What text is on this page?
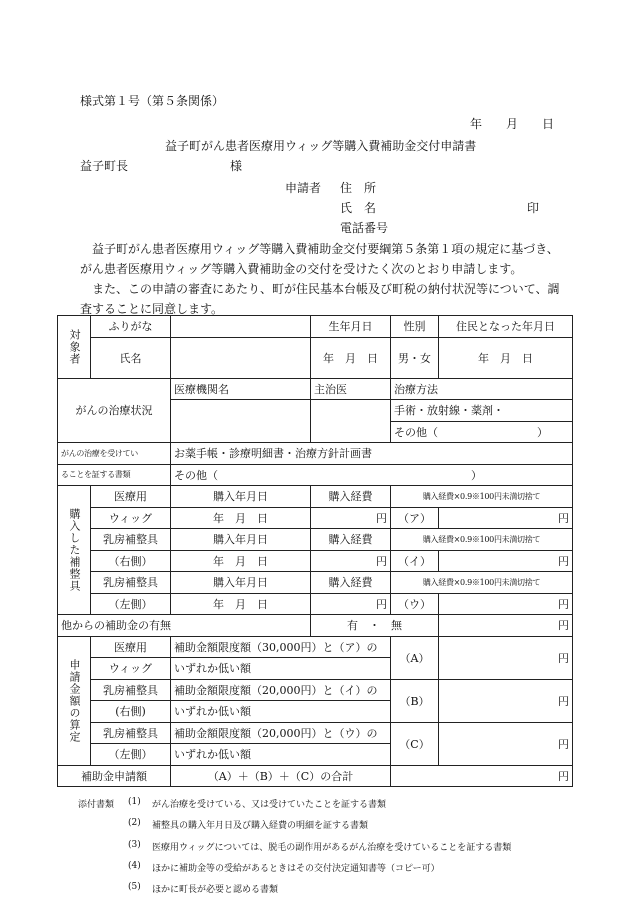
様式第１号（第５条関係）
年　　月　　日
益子町がん患者医療用ウィッグ等購入費補助金交付申請書
益子町長	様
申請者 住　所
氏　名	印
電話番号
益子町がん患者医療用ウィッグ等購入費補助金交付要綱第５条第１項の規定に基づき、
がん患者医療用ウィッグ等購入費補助金の交付を受けたく次のとおり申請します。
また、この申請の審査にあたり、町が住民基本台帳及び町税の納付状況等について、調
査することに同意します。
対象者	ふりがな		生年月日	性別	住民となった年月日
	氏名		年　月　日	男・女	年　月　日
がんの治療状況		医療機関名	主治医	治療方法	
				手術・放射線・薬剤・	
				その他（　　　　　　　　　）	
がんの治療を受けてい		お薬手帳・診療明細書・治療方針計画書			
ることを証する書類		その他（　　　　　　　　　　　　　　　　　　　　　　　）			
購入した補整具	医療用	購入年月日	購入経費	購入経費×0.9※100円未満切捨て	
	ウィッグ	年　月　日	円	（ア）	円
	乳房補整具	購入年月日	購入経費	購入経費×0.9※100円未満切捨て	
	（右側）	年　月　日	円	（イ）	円
	乳房補整具	購入年月日	購入経費	購入経費×0.9※100円未満切捨て	
	（左側）	年　月　日	円	（ウ）	円
他からの補助金の有無			有　・　無		円
申請金額の算定	医療用	補助金額限度額（30,000円）と（ア）の		（A）	円
	ウィッグ	いずれか低い額			
	乳房補整具	補助金額限度額（20,000円）と（イ）の		（B）	円
	(右側)	いずれか低い額			
	乳房補整具	補助金額限度額（20,000円）と（ウ）の		（C）	円
	（左側）	いずれか低い額			
補助金申請額		（A）＋（B）＋（C）の合計		円	
添付書類 (1) がん治療を受けている、又は受けていたことを証する書類
(2) 補整具の購入年月日及び購入経費の明細を証する書類
(3) 医療用ウィッグについては、脱毛の副作用があるがん治療を受けていることを証する書類
(4) ほかに補助金等の受給があるときはその交付決定通知書等（コピー可）
(5) ほかに町長が必要と認める書類
